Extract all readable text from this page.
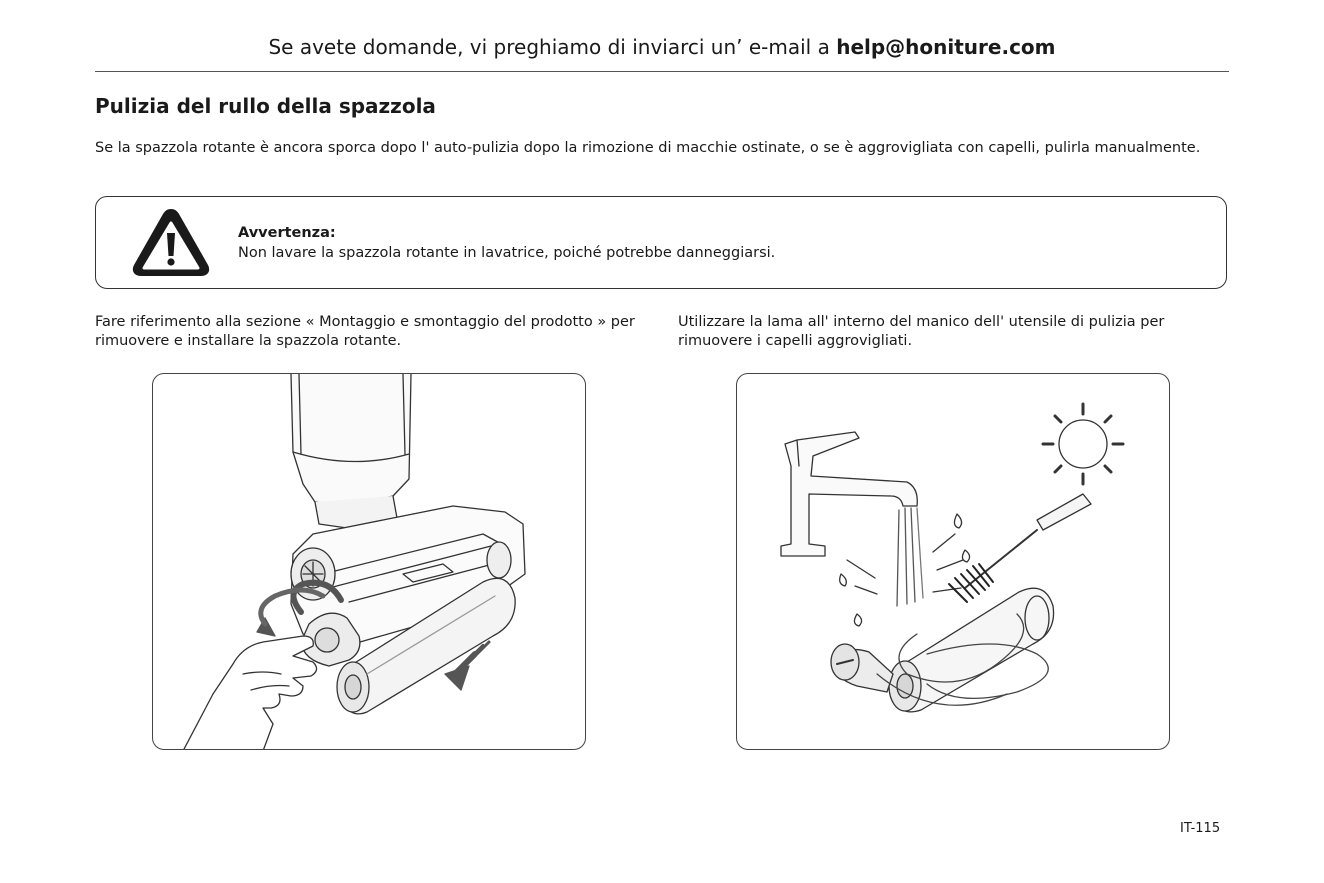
Se avete domande, vi preghiamo di inviarci un’ e-mail a help@honiture.com
Pulizia del rullo della spazzola

Se la spazzola rotante è ancora sporca dopo l' auto-pulizia dopo la rimozione di macchie ostinate, o se è aggrovigliata con capelli, pulirla manualmente.

Avvertenza:
Non lavare la spazzola rotante in lavatrice, poiché potrebbe danneggiarsi.

Fare riferimento alla sezione « Montaggio e smontaggio del prodotto » per rimuovere e installare la spazzola rotante.

Utilizzare la lama all' interno del manico dell' utensile di pulizia per rimuovere i capelli aggrovigliati.

IT-115
